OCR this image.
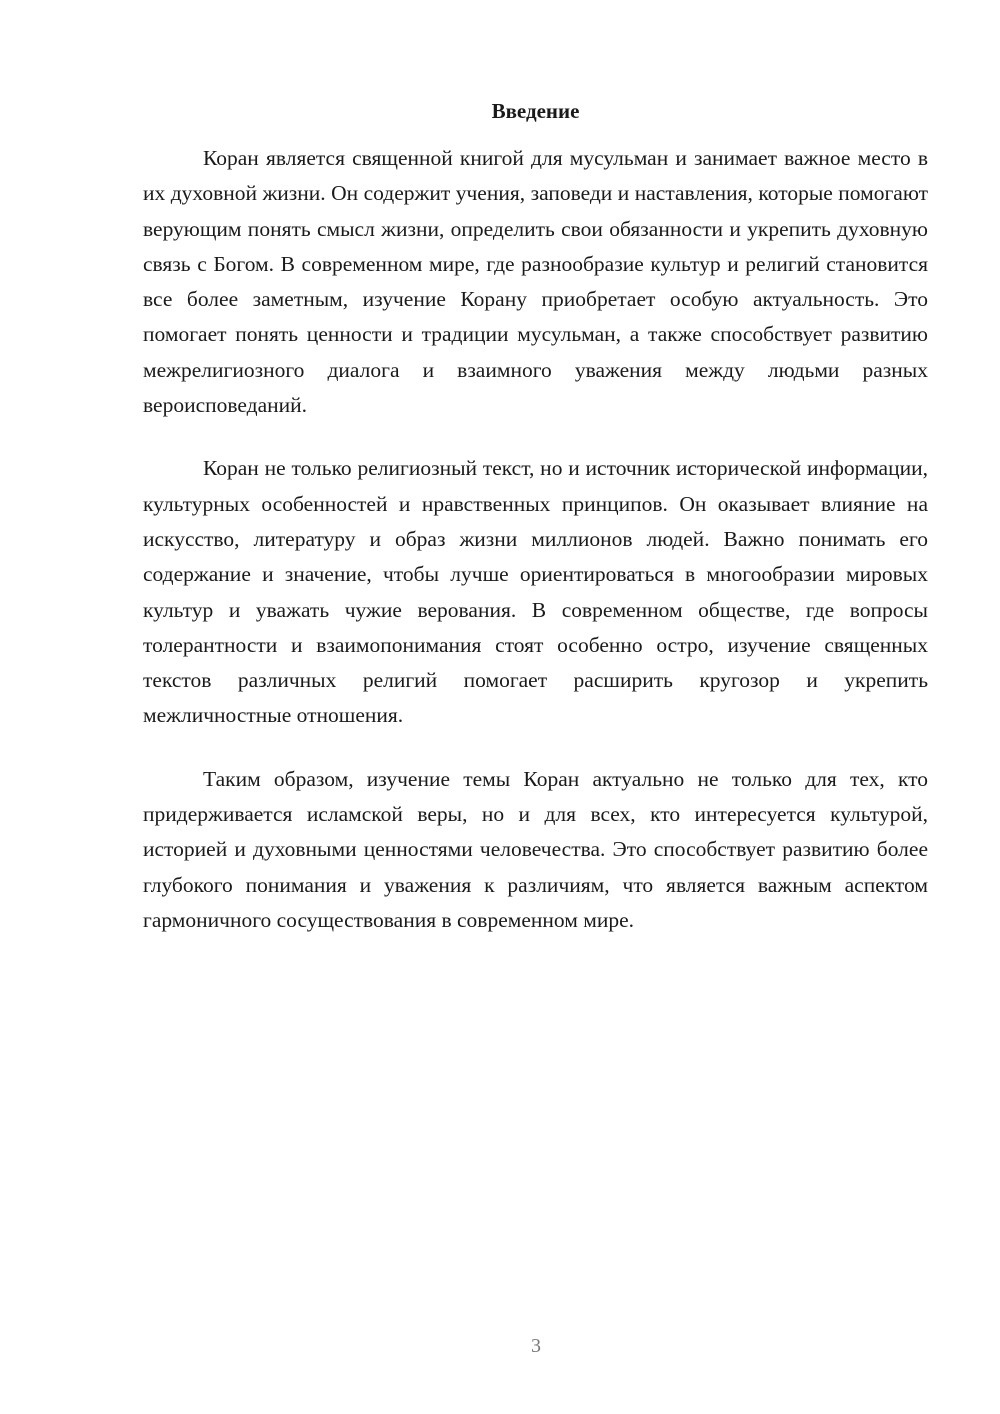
Введение

Коран является священной книгой для мусульман и занимает важное место в их духовной жизни. Он содержит учения, заповеди и наставления, которые помогают верующим понять смысл жизни, определить свои обязанности и укрепить духовную связь с Богом. В современном мире, где разнообразие культур и религий становится все более заметным, изучение Корану приобретает особую актуальность. Это помогает понять ценности и традиции мусульман, а также способствует развитию межрелигиозного диалога и взаимного уважения между людьми разных вероисповеданий.

Коран не только религиозный текст, но и источник исторической информации, культурных особенностей и нравственных принципов. Он оказывает влияние на искусство, литературу и образ жизни миллионов людей. Важно понимать его содержание и значение, чтобы лучше ориентироваться в многообразии мировых культур и уважать чужие верования. В современном обществе, где вопросы толерантности и взаимопонимания стоят особенно остро, изучение священных текстов различных религий помогает расширить кругозор и укрепить межличностные отношения.

Таким образом, изучение темы Коран актуально не только для тех, кто придерживается исламской веры, но и для всех, кто интересуется культурой, историей и духовными ценностями человечества. Это способствует развитию более глубокого понимания и уважения к различиям, что является важным аспектом гармоничного сосуществования в современном мире.

3
